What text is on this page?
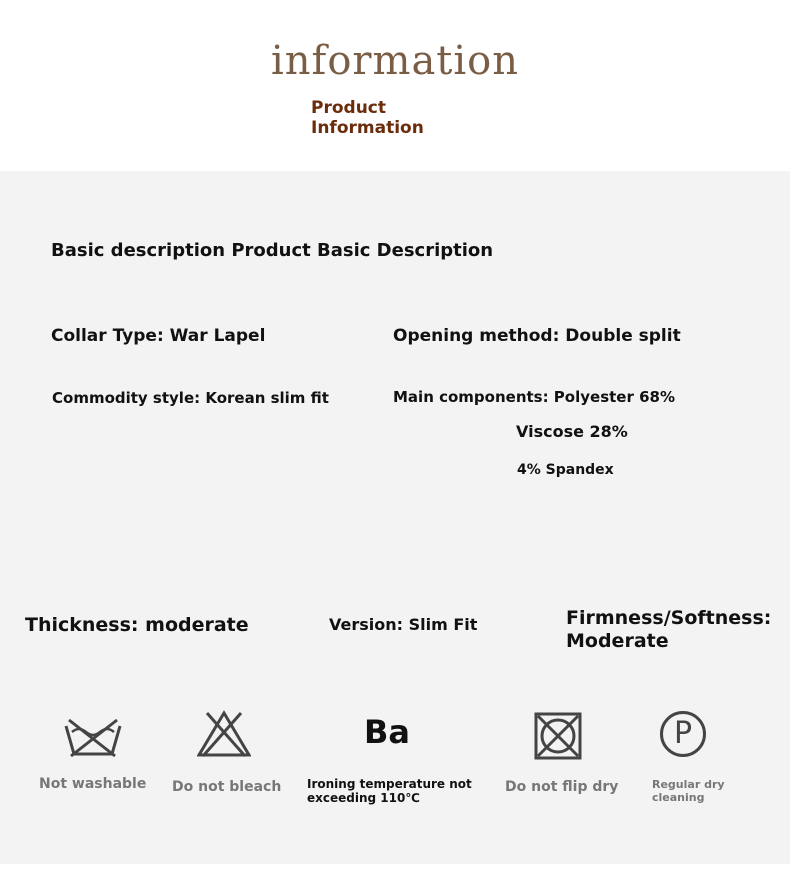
information
Product Information
Basic description Product Basic Description
Collar Type: War Lapel	Opening method: Double split
Commodity style: Korean slim fit	Main components: Polyester 68%
Viscose 28%
4% Spandex
Thickness: moderate	Version: Slim Fit	Firmness/Softness: Moderate
Not washable Do not bleach
Ba
Ironing temperature not exceeding 110℃
Do not flip dry
P
Regular dry cleaning
